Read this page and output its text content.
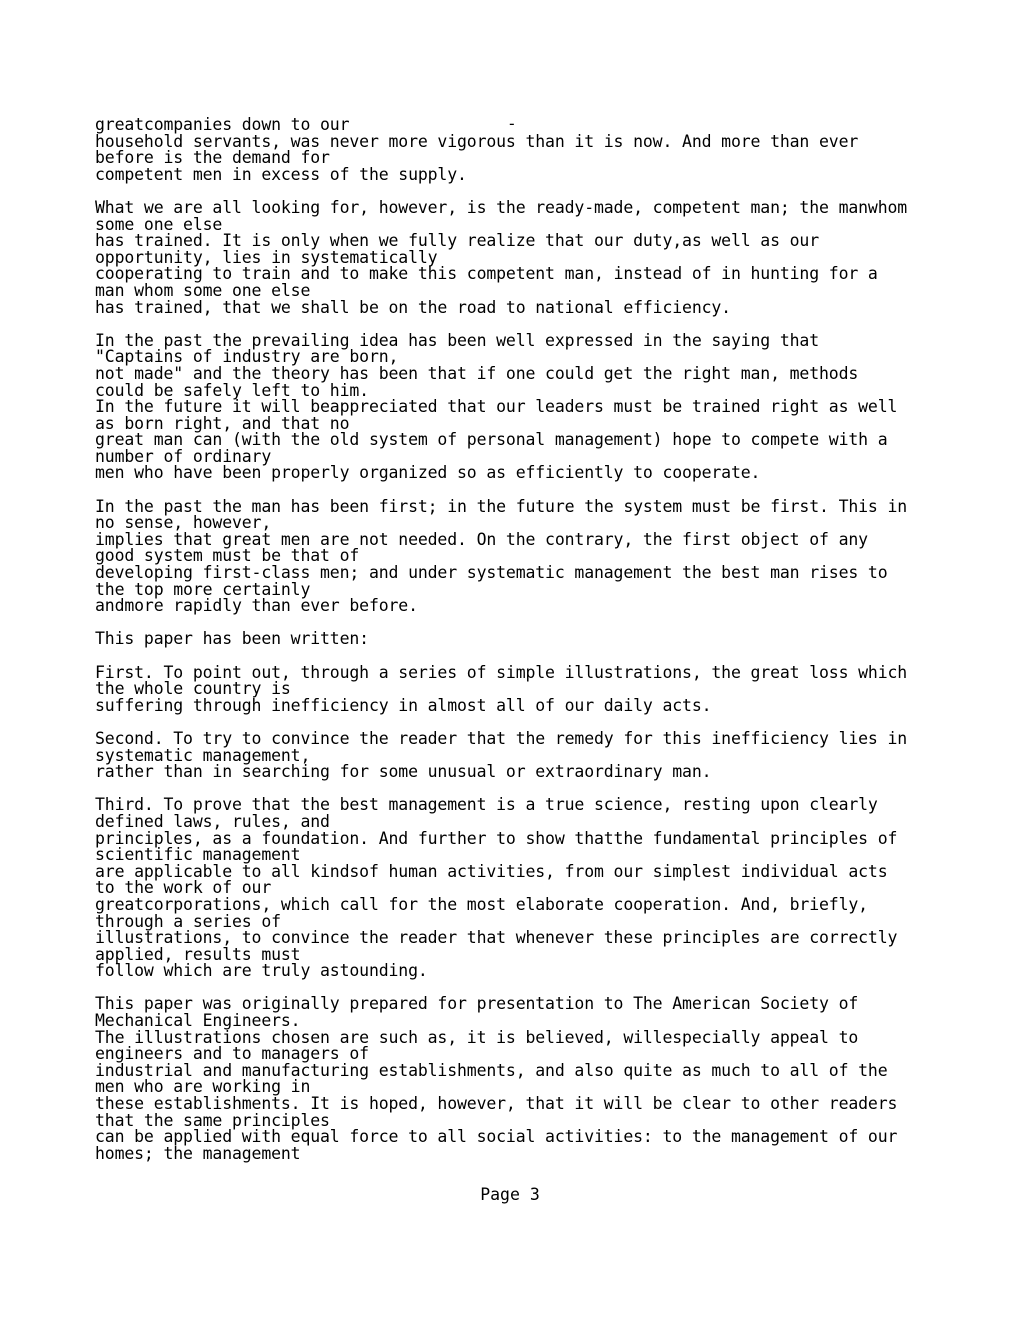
-
greatcompanies down to our
household servants, was never more vigorous than it is now. And more than ever
before is the demand for
competent men in excess of the supply.
What we are all looking for, however, is the ready-made, competent man; the manwhom
some one else
has trained. It is only when we fully realize that our duty,as well as our
opportunity, lies in systematically
cooperating to train and to make this competent man, instead of in hunting for a
man whom some one else
has trained, that we shall be on the road to national efficiency.
In the past the prevailing idea has been well expressed in the saying that
"Captains of industry are born,
not made" and the theory has been that if one could get the right man, methods
could be safely left to him.
In the future it will beappreciated that our leaders must be trained right as well
as born right, and that no
great man can (with the old system of personal management) hope to compete with a
number of ordinary
men who have been properly organized so as efficiently to cooperate.
In the past the man has been first; in the future the system must be first. This in
no sense, however,
implies that great men are not needed. On the contrary, the first object of any
good system must be that of
developing first-class men; and under systematic management the best man rises to
the top more certainly
andmore rapidly than ever before.
This paper has been written:
First. To point out, through a series of simple illustrations, the great loss which
the whole country is
suffering through inefficiency in almost all of our daily acts.
Second. To try to convince the reader that the remedy for this inefficiency lies in
systematic management,
rather than in searching for some unusual or extraordinary man.
Third. To prove that the best management is a true science, resting upon clearly
defined laws, rules, and
principles, as a foundation. And further to show thatthe fundamental principles of
scientific management
are applicable to all kindsof human activities, from our simplest individual acts
to the work of our
greatcorporations, which call for the most elaborate cooperation. And, briefly,
through a series of
illustrations, to convince the reader that whenever these principles are correctly
applied, results must
follow which are truly astounding.
This paper was originally prepared for presentation to The American Society of
Mechanical Engineers.
The illustrations chosen are such as, it is believed, willespecially appeal to
engineers and to managers of
industrial and manufacturing establishments, and also quite as much to all of the
men who are working in
these establishments. It is hoped, however, that it will be clear to other readers
that the same principles
can be applied with equal force to all social activities: to the management of our
homes; the management
Page 3
